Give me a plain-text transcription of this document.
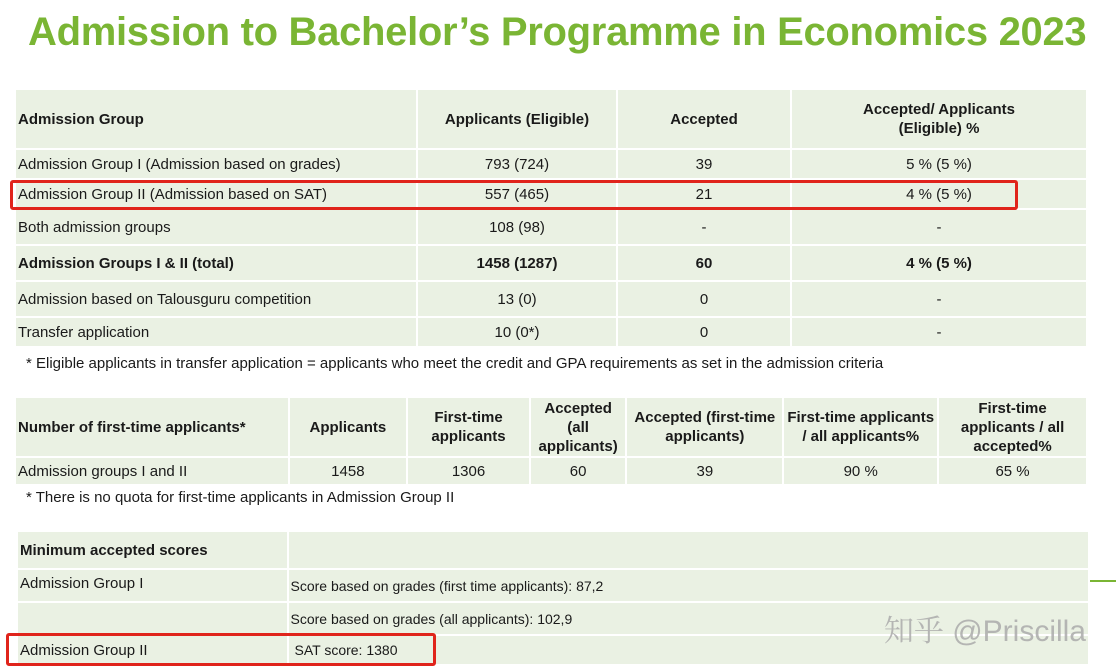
Admission to Bachelor’s Programme in Economics 2023
Admission Group	Applicants (Eligible)	Accepted	Accepted/ Applicants (Eligible) %
Admission Group I (Admission based on grades)	793 (724)	39	5 % (5 %)
Admission Group II (Admission based on SAT)	557 (465)	21	4 % (5 %)
Both admission groups	108 (98)	-	-
Admission Groups I & II (total)	1458 (1287)	60	4 % (5 %)
Admission based on Talousguru competition	13 (0)	0	-
Transfer application	10 (0*)	0	-
* Eligible applicants in transfer application = applicants who meet the credit and GPA requirements as set in the admission criteria
Number of first-time applicants*	Applicants	First-time applicants	Accepted (all applicants)	Accepted (first-time applicants)	First-time applicants / all applicants%	First-time applicants / all accepted%
Admission groups I and II	1458	1306	60	39	90 %	65 %
* There is no quota for first-time applicants in Admission Group II
Minimum accepted scores	
Admission Group I	Score based on grades (first time applicants): 87,2
	Score based on grades (all applicants): 102,9
Admission Group II	SAT score: 1380
知乎 @Priscilla
